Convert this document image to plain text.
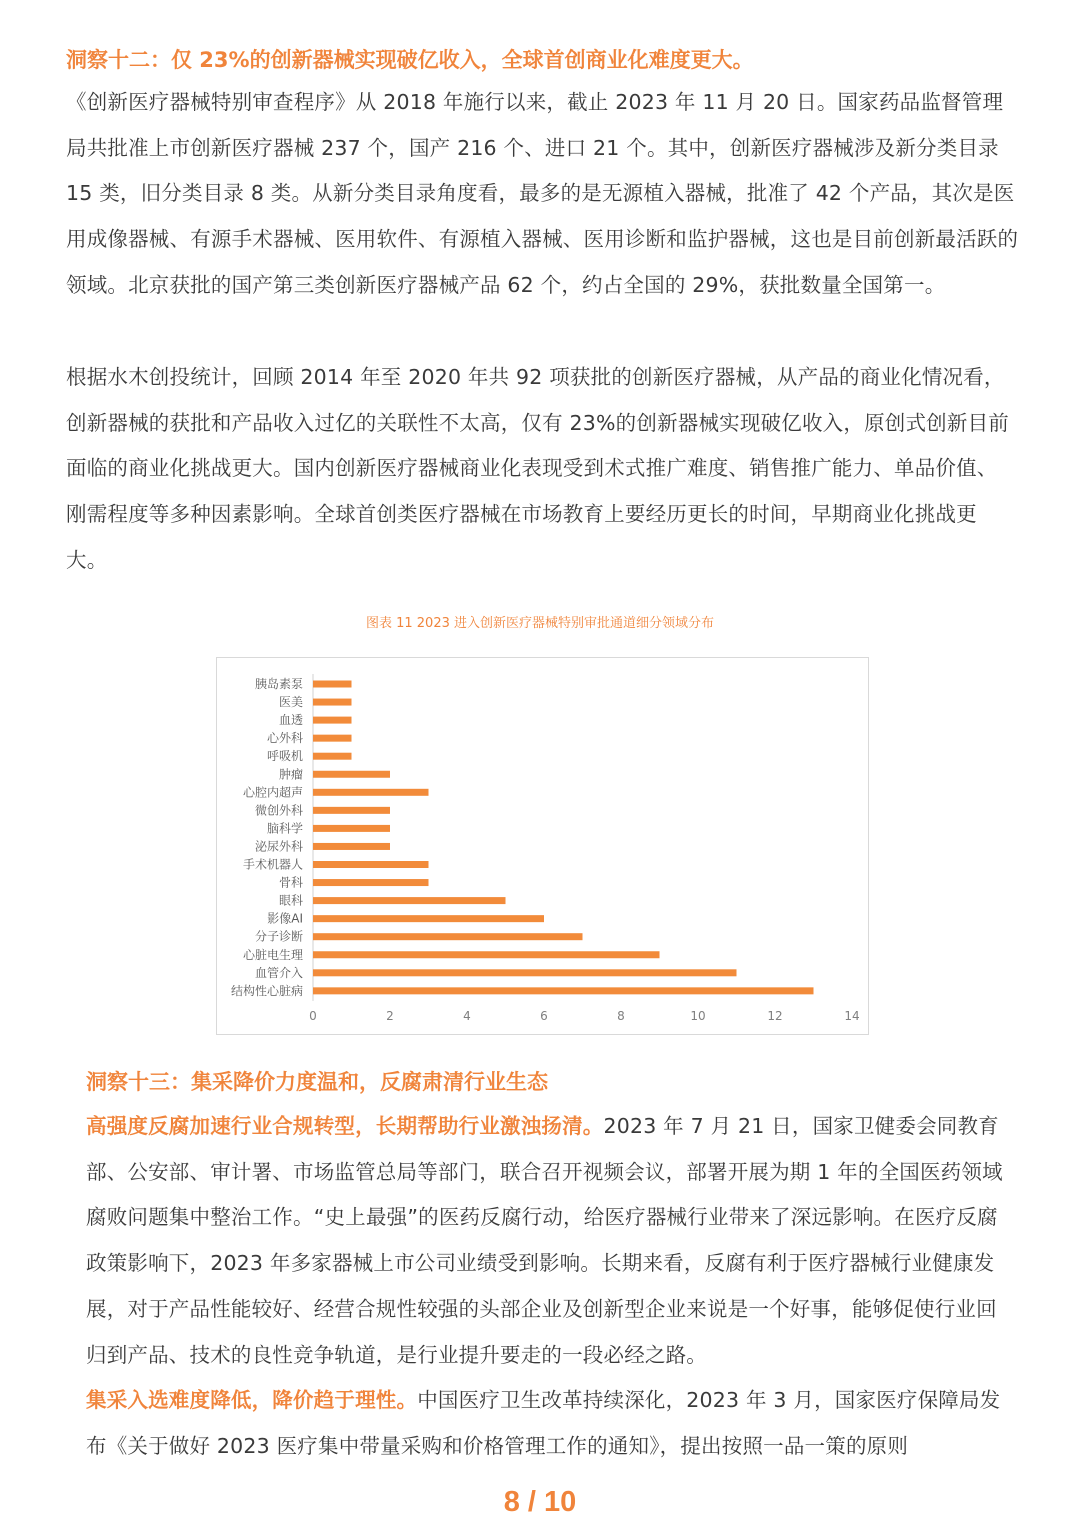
洞察十二：仅 23%的创新器械实现破亿收入，全球首创商业化难度更大。

《创新医疗器械特别审查程序》从 2018 年施行以来，截止 2023 年 11 月 20 日。国家药品监督管理局共批准上市创新医疗器械 237 个，国产 216 个、进口 21 个。其中，创新医疗器械涉及新分类目录 15 类，旧分类目录 8 类。从新分类目录角度看，最多的是无源植入器械，批准了 42 个产品，其次是医用成像器械、有源手术器械、医用软件、有源植入器械、医用诊断和监护器械，这也是目前创新最活跃的领域。北京获批的国产第三类创新医疗器械产品 62 个，约占全国的 29%，获批数量全国第一。

根据水木创投统计，回顾 2014 年至 2020 年共 92 项获批的创新医疗器械，从产品的商业化情况看，创新器械的获批和产品收入过亿的关联性不太高，仅有 23%的创新器械实现破亿收入，原创式创新目前面临的商业化挑战更大。国内创新医疗器械商业化表现受到术式推广难度、销售推广能力、单品价值、刚需程度等多种因素影响。全球首创类医疗器械在市场教育上要经历更长的时间，早期商业化挑战更大。

图表 11 2023 进入创新医疗器械特别审批通道细分领域分布
胰岛素泵
医美
血透
心外科
呼吸机
肿瘤
心腔内超声
微创外科
脑科学
泌尿外科
手术机器人
骨科
眼科
影像AI
分子诊断
心脏电生理
血管介入
结构性心脏病
0	2	4	6	8	10	12	14
洞察十三：集采降价力度温和，反腐肃清行业生态

高强度反腐加速行业合规转型，长期帮助行业激浊扬清。2023 年 7 月 21 日，国家卫健委会同教育部、公安部、审计署、市场监管总局等部门，联合召开视频会议，部署开展为期 1 年的全国医药领域腐败问题集中整治工作。“史上最强”的医药反腐行动，给医疗器械行业带来了深远影响。在医疗反腐政策影响下，2023 年多家器械上市公司业绩受到影响。长期来看，反腐有利于医疗器械行业健康发展，对于产品性能较好、经营合规性较强的头部企业及创新型企业来说是一个好事，能够促使行业回归到产品、技术的良性竞争轨道，是行业提升要走的一段必经之路。
集采入选难度降低，降价趋于理性。中国医疗卫生改革持续深化，2023 年 3 月，国家医疗保障局发布《关于做好 2023 医疗集中带量采购和价格管理工作的通知》，提出按照一品一策的原则

8 / 10
